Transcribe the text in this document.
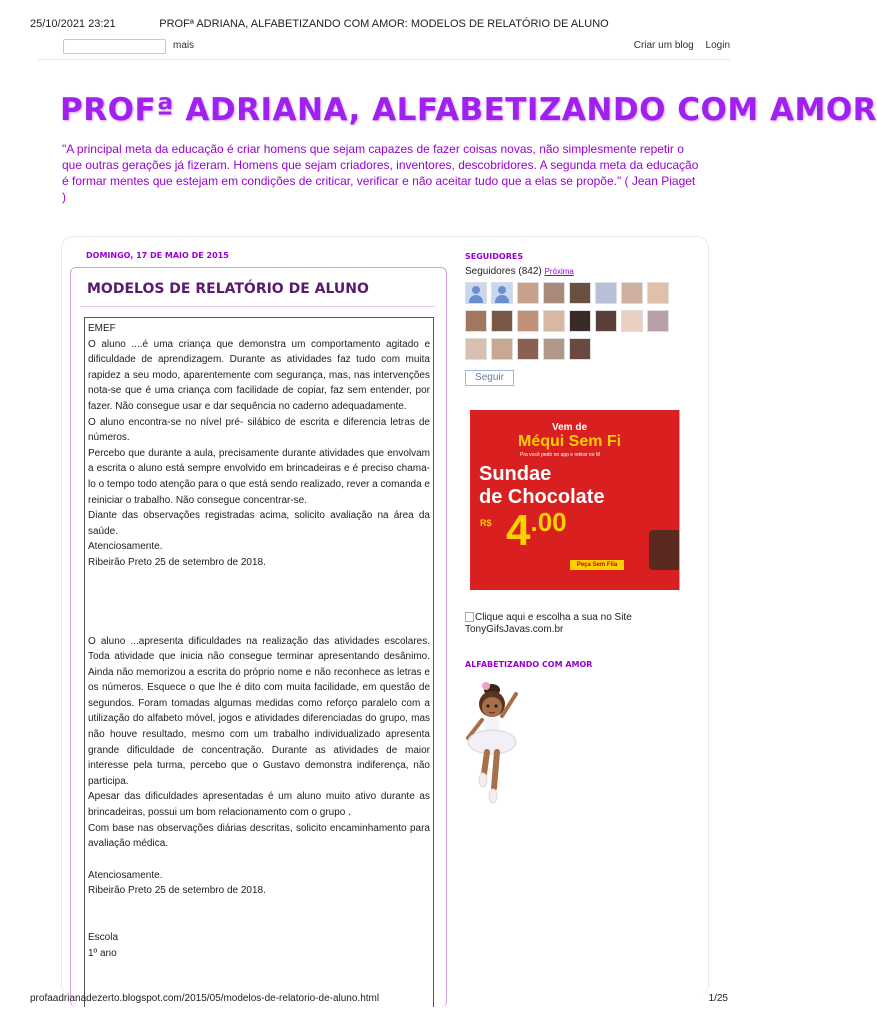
25/10/2021 23:21	PROFª ADRIANA, ALFABETIZANDO COM AMOR: MODELOS DE RELATÓRIO DE ALUNO
mais	Criar um blog Login
PROFª ADRIANA, ALFABETIZANDO COM AMOR
"A principal meta da educação é criar homens que sejam capazes de fazer coisas novas, não simplesmente repetir o que outras gerações já fizeram. Homens que sejam criadores, inventores, descobridores. A segunda meta da educação é formar mentes que estejam em condições de criticar, verificar e não aceitar tudo que a elas se propõe." ( Jean Piaget )
DOMINGO, 17 DE MAIO DE 2015
MODELOS DE RELATÓRIO DE ALUNO

EMEF

O aluno ....é uma criança que demonstra um comportamento agitado e dificuldade de aprendizagem. Durante as atividades faz tudo com muita rapidez a seu modo, aparentemente com segurança, mas, nas intervenções nota-se que é uma criança com facilidade de copiar, faz sem entender, por fazer. Não consegue usar e dar sequência no caderno adequadamente.

O aluno encontra-se no nível pré- silábico de escrita e diferencia letras de números.

Percebo que durante a aula, precisamente durante atividades que envolvam a escrita o aluno está sempre envolvido em brincadeiras e é preciso chama-lo o tempo todo atenção para o que está sendo realizado, rever a comanda e reiniciar o trabalho. Não consegue concentrar-se.

Diante das observações registradas acima, solicito avaliação na área da saúde.

Atenciosamente.

Ribeirão Preto 25 de setembro de 2018.

O aluno ...apresenta dificuldades na realização das atividades escolares. Toda atividade que inicia não consegue terminar apresentando desânimo. Ainda não memorizou a escrita do próprio nome e não reconhece as letras e os números. Esquece o que lhe é dito com muita facilidade, em questão de segundos. Foram tomadas algumas medidas como reforço paralelo com a utilização do alfabeto móvel, jogos e atividades diferenciadas do grupo, mas não houve resultado, mesmo com um trabalho individualizado apresenta grande dificuldade de concentração. Durante as atividades de maior interesse pela turma, percebo que o Gustavo demonstra indiferença, não participa.

Apesar das dificuldades apresentadas é um aluno muito ativo durante as brincadeiras, possui um bom relacionamento com o grupo .

Com base nas observações diárias descritas, solicito encaminhamento para avaliação médica.

Atenciosamente.

Ribeirão Preto 25 de setembro de 2018.

Escola

1º ano

SEGUIDORES
Seguidores (842) Próxima
Seguir
Vem de
Méqui Sem Fi
Pra você pedir no app e retirar no M
Sundae
de Chocolate
R$ $4^{.00}$
Peça Sem Fila
Clique aqui e escolha a sua no Site
TonyGifsJavas.com.br
ALFABETIZANDO COM AMOR
profaadrianadezerto.blogspot.com/2015/05/modelos-de-relatorio-de-aluno.html	1/25
